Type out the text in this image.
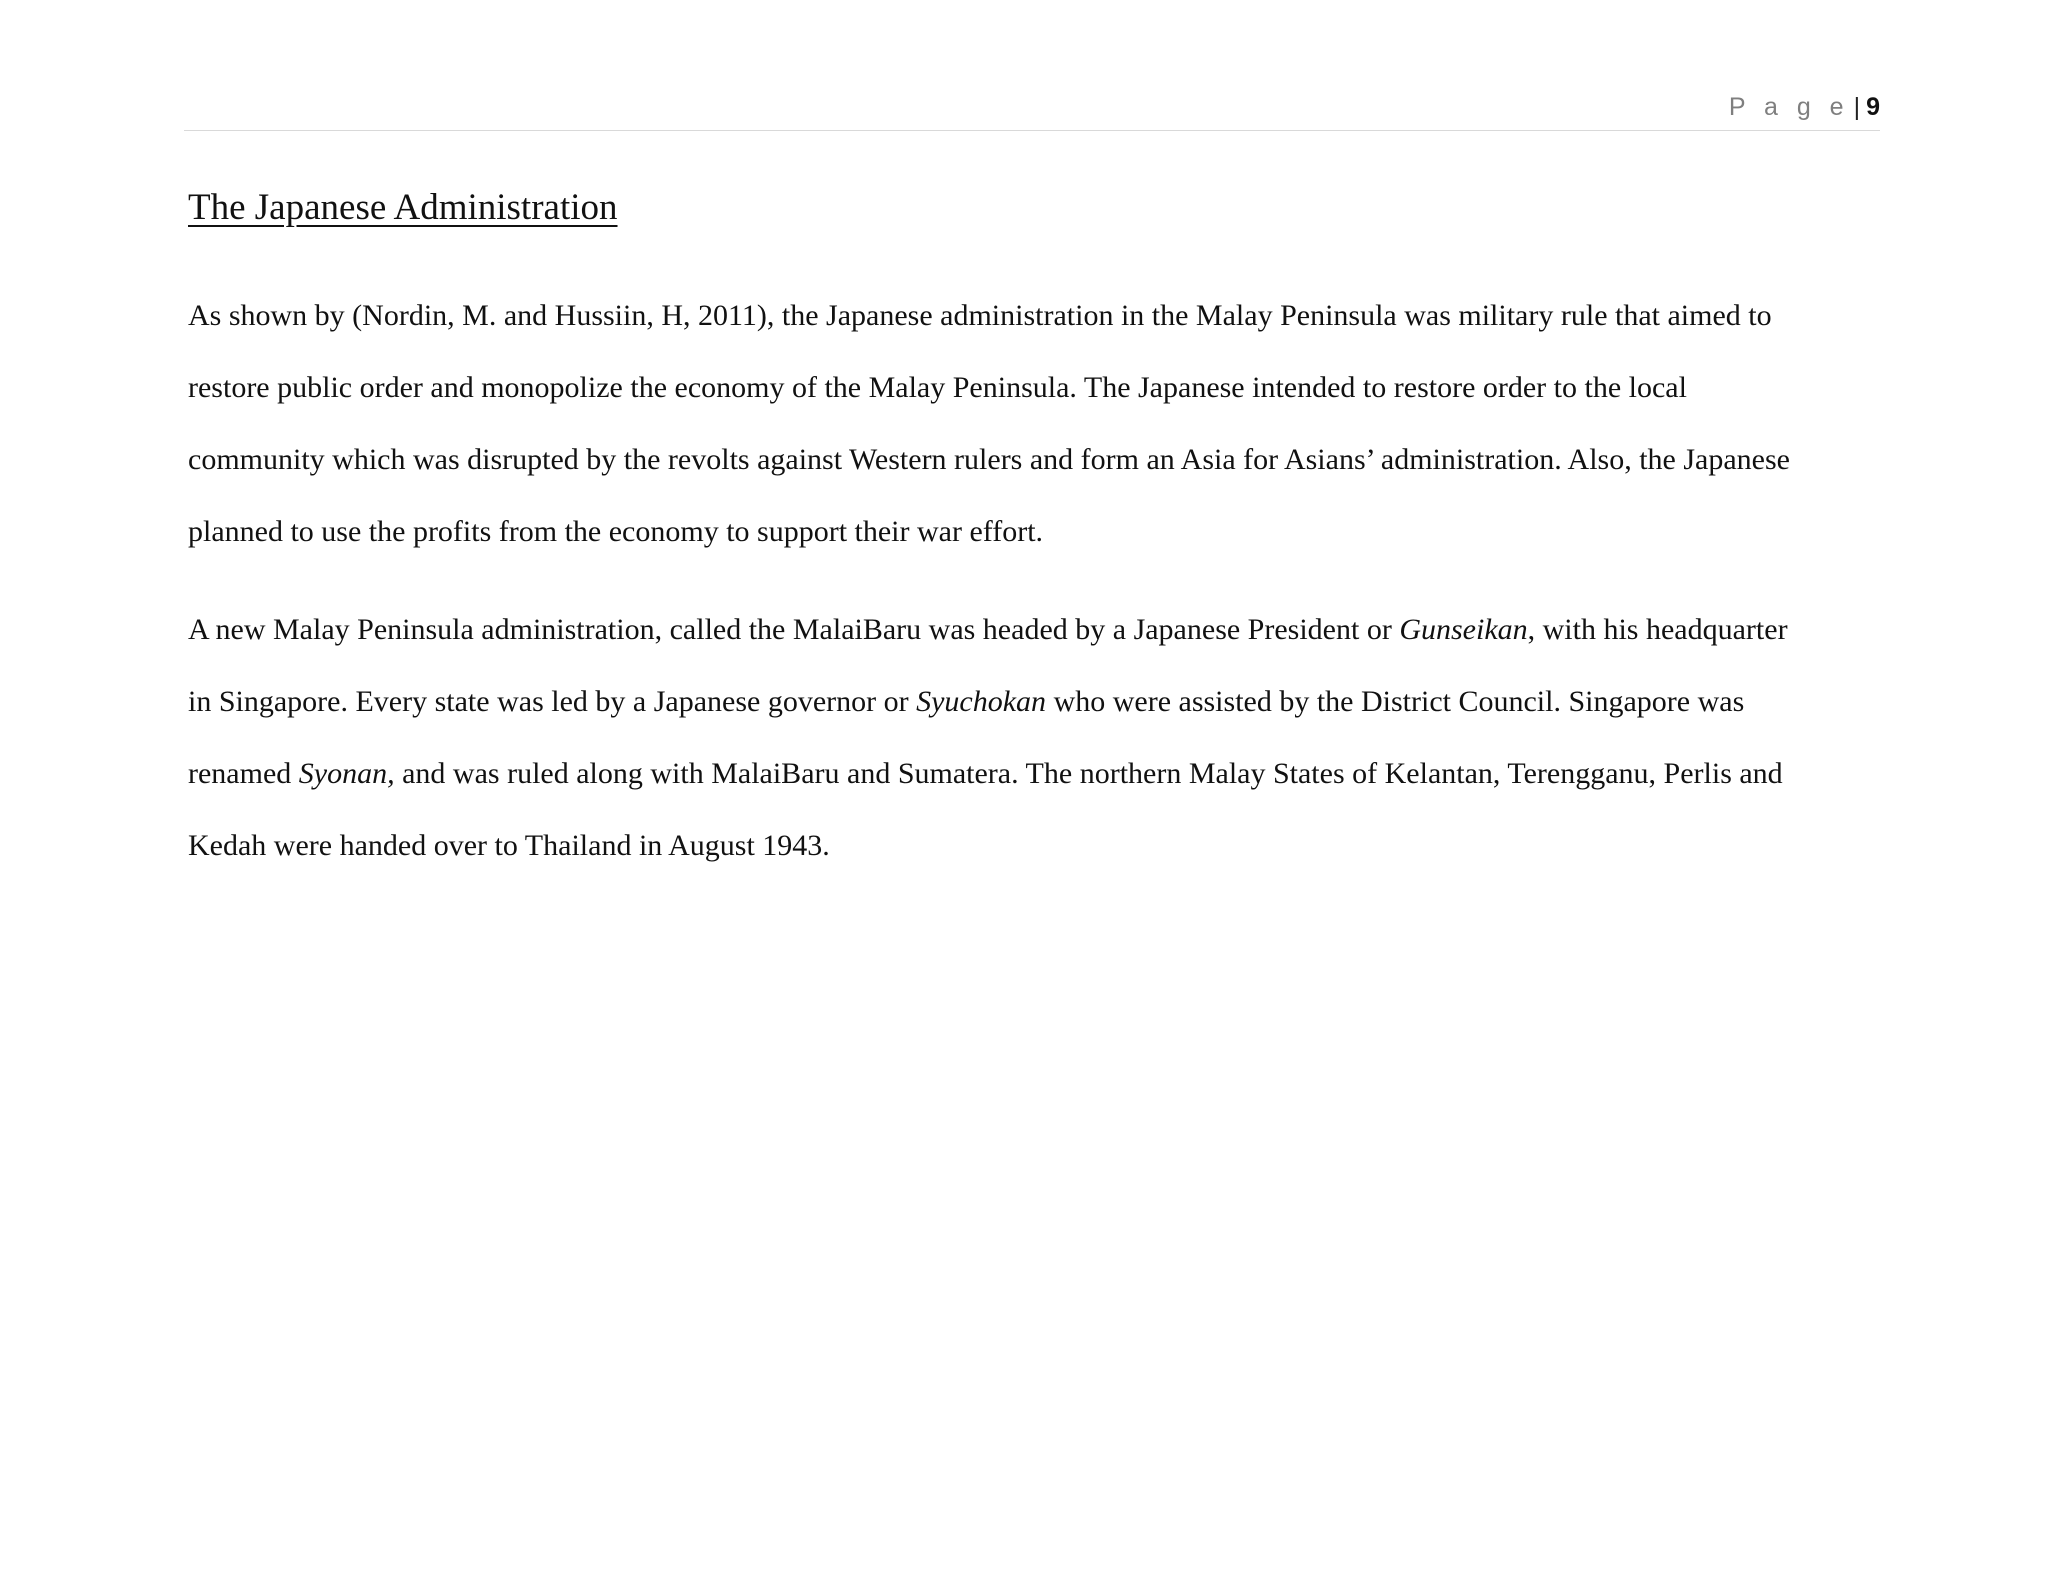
P a g e | 9
The Japanese Administration
As shown by (Nordin, M. and Hussiin, H, 2011), the Japanese administration in the Malay Peninsula was military rule that aimed to
restore public order and monopolize the economy of the Malay Peninsula. The Japanese intended to restore order to the local
community which was disrupted by the revolts against Western rulers and form an Asia for Asians’ administration. Also, the Japanese
planned to use the profits from the economy to support their war effort.
A new Malay Peninsula administration, called the MalaiBaru was headed by a Japanese President or Gunseikan, with his headquarter
in Singapore. Every state was led by a Japanese governor or Syuchokan who were assisted by the District Council. Singapore was
renamed Syonan, and was ruled along with MalaiBaru and Sumatera. The northern Malay States of Kelantan, Terengganu, Perlis and
Kedah were handed over to Thailand in August 1943.
